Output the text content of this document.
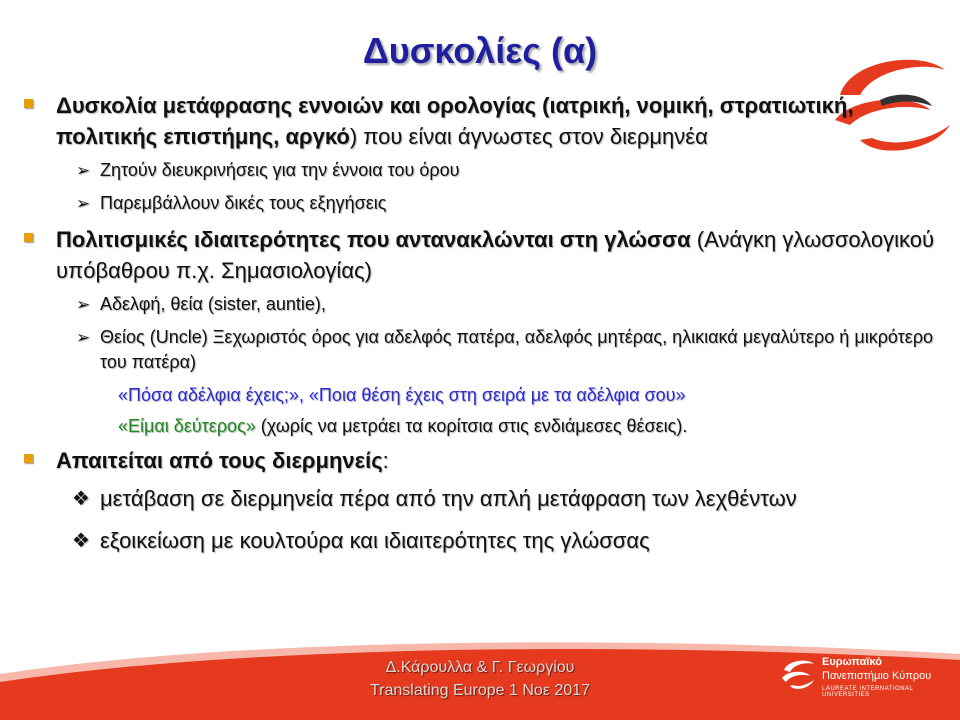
Δυσκολίες (α)
Δυσκολία μετάφρασης εννοιών και ορολογίας (ιατρική, νομική, στρατιωτική, πολιτικής επιστήμης, αργκό) που είναι άγνωστες στον διερμηνέα
➢ Ζητούν διευκρινήσεις για την έννοια του όρου
➢ Παρεμβάλλουν δικές τους εξηγήσεις
Πολιτισμικές ιδιαιτερότητες που αντανακλώνται στη γλώσσα (Ανάγκη γλωσσολογικού υπόβαθρου π.χ. Σημασιολογίας)
➢ Αδελφή, θεία (sister, auntie),
➢ Θείος (Uncle) Ξεχωριστός όρος για αδελφός πατέρα, αδελφός μητέρας, ηλικιακά μεγαλύτερο ή μικρότερο του πατέρα)
«Πόσα αδέλφια έχεις;», «Ποια θέση έχεις στη σειρά με τα αδέλφια σου»
«Είμαι δεύτερος» (χωρίς να μετράει τα κορίτσια στις ενδιάμεσες θέσεις).
Απαιτείται από τους διερμηνείς:
❖ μετάβαση σε διερμηνεία πέρα από την απλή μετάφραση των λεχθέντων
❖ εξοικείωση με κουλτούρα και ιδιαιτερότητες της γλώσσας
Δ.Κάρουλλα & Γ. Γεωργίου
Translating Europe 1 Νοε 2017
Ευρωπαϊκό
Πανεπιστήμιο Κύπρου
LAUREATE INTERNATIONAL UNIVERSITIES
